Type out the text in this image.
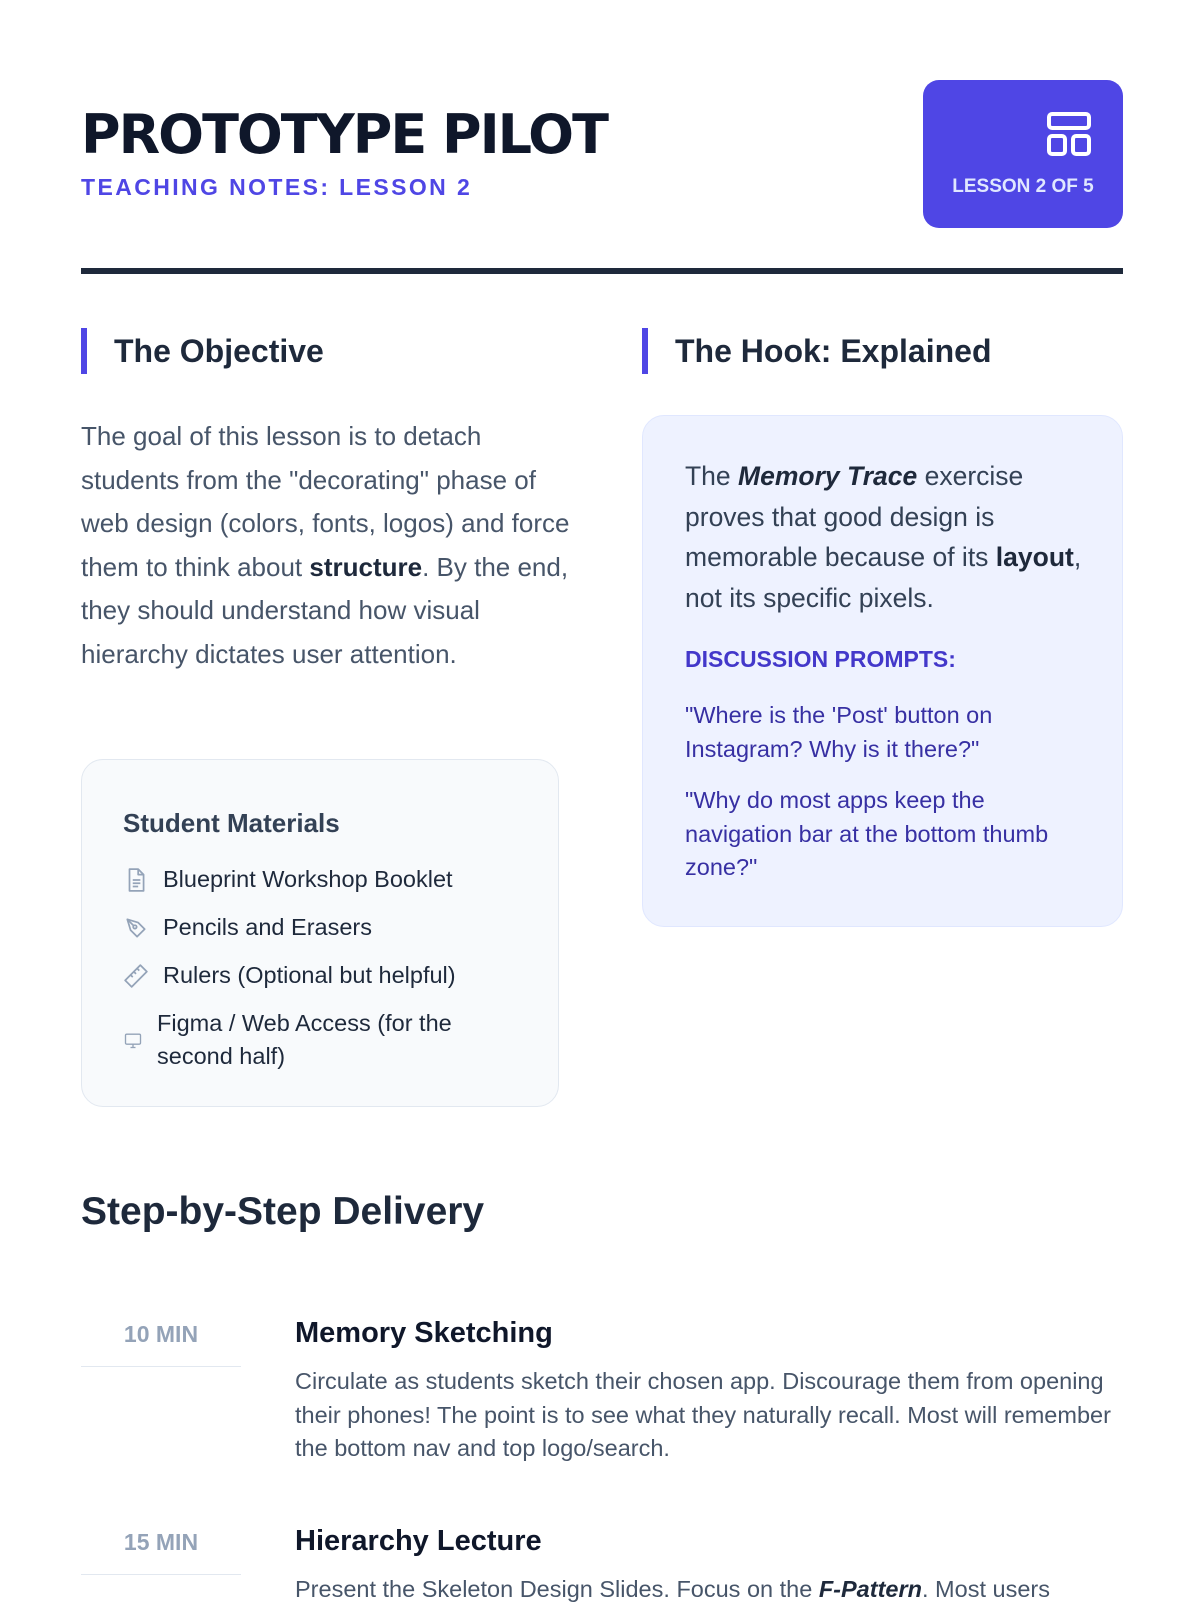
PROTOTYPE PILOT
TEACHING NOTES: LESSON 2	LESSON 2 OF 5
The Objective

The goal of this lesson is to detach students from the "decorating" phase of web design (colors, fonts, logos) and force them to think about structure. By the end, they should understand how visual hierarchy dictates user attention.

Student Materials
Blueprint Workshop Booklet
Pencils and Erasers
Rulers (Optional but helpful)
Figma / Web Access (for the second half)
The Hook: Explained

The Memory Trace exercise proves that good design is memorable because of its layout, not its specific pixels.

DISCUSSION PROMPTS:
"Where is the 'Post' button on Instagram? Why is it there?"
"Why do most apps keep the navigation bar at the bottom thumb zone?"
Step-by-Step Delivery
10 MIN	Memory Sketching

Circulate as students sketch their chosen app. Discourage them from opening their phones! The point is to see what they naturally recall. Most will remember the bottom nav and top logo/search.

15 MIN	Hierarchy Lecture

Present the Skeleton Design Slides. Focus on the F-Pattern. Most users
